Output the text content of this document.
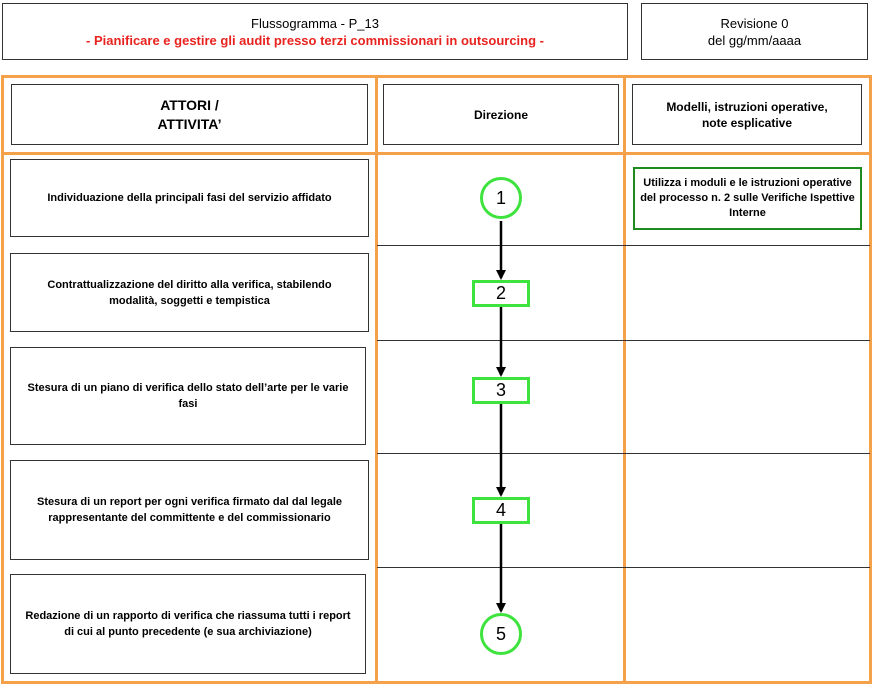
Flussogramma - P_13
- Pianificare e gestire gli audit presso terzi commissionari in outsourcing -
Revisione 0
del gg/mm/aaaa
ATTORI /
ATTIVITA’
Direzione
Modelli, istruzioni operative,
note esplicative
Individuazione della principali fasi del servizio affidato
Contrattualizzazione del diritto alla verifica, stabilendo modalità, soggetti e tempistica
Stesura di un piano di verifica dello stato dell’arte per le varie fasi
Stesura di un report per ogni verifica firmato dal dal legale rappresentante del committente e del commissionario
Redazione di un rapporto di verifica che riassuma tutti i report di cui al punto precedente (e sua archiviazione)
Utilizza i moduli e le istruzioni operative del processo n. 2 sulle Verifiche Ispettive Interne
1
2
3
4
5
